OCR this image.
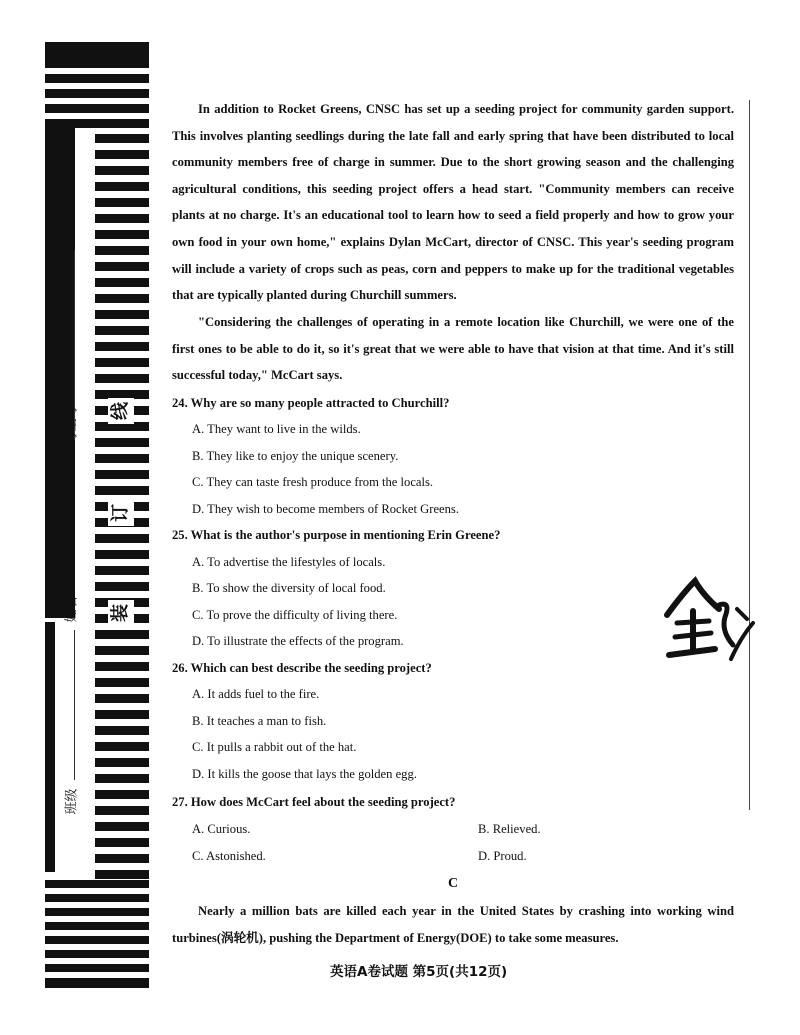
考生号
姓名
班级
线
订
装
In addition to Rocket Greens, CNSC has set up a seeding project for community garden support. This involves planting seedlings during the late fall and early spring that have been distributed to local community members free of charge in summer. Due to the short growing season and the challenging agricultural conditions, this seeding project offers a head start. "Community members can receive plants at no charge. It's an educational tool to learn how to seed a field properly and how to grow your own food in your own home," explains Dylan McCart, director of CNSC. This year's seeding program will include a variety of crops such as peas, corn and peppers to make up for the traditional vegetables that are typically planted during Churchill summers.
"Considering the challenges of operating in a remote location like Churchill, we were one of the first ones to be able to do it, so it's great that we were able to have that vision at that time. And it's still successful today," McCart says.
24. Why are so many people attracted to Churchill?
A. They want to live in the wilds.
B. They like to enjoy the unique scenery.
C. They can taste fresh produce from the locals.
D. They wish to become members of Rocket Greens.
25. What is the author's purpose in mentioning Erin Greene?
A. To advertise the lifestyles of locals.
B. To show the diversity of local food.
C. To prove the difficulty of living there.
D. To illustrate the effects of the program.
26. Which can best describe the seeding project?
A. It adds fuel to the fire.
B. It teaches a man to fish.
C. It pulls a rabbit out of the hat.
D. It kills the goose that lays the golden egg.
27. How does McCart feel about the seeding project?
A. Curious.	B. Relieved.
C. Astonished.	D. Proud.
C
Nearly a million bats are killed each year in the United States by crashing into working wind turbines(涡轮机), pushing the Department of Energy(DOE) to take some measures.
英语A卷试题 第5页(共12页)
